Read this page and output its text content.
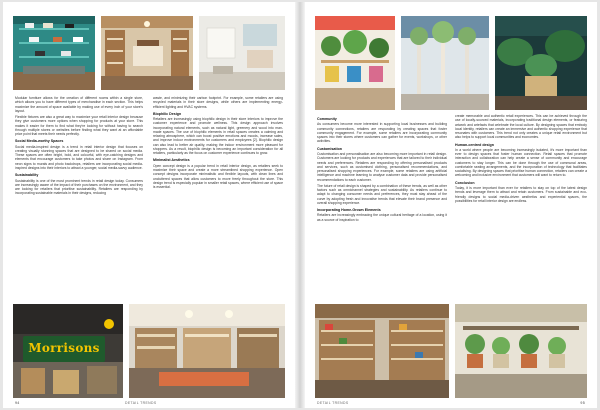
Modular furniture allows for the creation of different rooms within a single store, which allows you to have different types of merchandise in each section. This helps maximize the amount of space available by making use of every inch of your store's layout.

Flexible fixtures are also a great way to maximize your retail interior design because they give customers more options when shopping for products at your store. This makes it easier for them to find what they're looking for without having to search through multiple stores or websites before finding what they want at an affordable price point that meets their needs perfectly.

Social Media-worthy Spaces

Social media-inspired design is a trend in retail interior design that focuses on creating visually stunning spaces that are designed to be shared on social media. These spaces are often bright, bold, and colourful, with eye-catching designs and elements that encourage customers to take photos and share on Instagram. From neon signs to murals and photo backdrops, retailers are incorporating social media-inspired designs into their interiors to attract a younger, social media-savvy audience.

Sustainability

Sustainability is one of the most prominent trends in retail design today. Consumers are increasingly aware of the impact of their purchases on the environment, and they are looking for retailers that prioritise sustainability. Retailers are responding by incorporating sustainable materials in their designs, reducing

waste, and minimizing their carbon footprint. For example, some retailers are using recycled materials in their store designs, while others are implementing energy-efficient lighting and HVAC systems.

Biophilic Design

Retailers are increasingly using biophilic design in their store interiors to improve the customer experience and promote wellness. This design approach involves incorporating natural elements, such as natural light, greenery and wood into man-made spaces. The use of biophilic elements in retail spaces creates a calming and relaxing atmosphere, which can boost positive emotions and moods, increase sales, and improve indoor environments for customers and employees [2]. Biophilic design can also lead to better air quality, making the indoor environment more pleasant for shoppers. As a result, biophilic design is becoming an important consideration for all retailers, particularly as the focus on customer experience continues to grow.

Minimalist Aesthetics

Open concept design is a popular trend in retail interior design, as retailers seek to maximize their space and create a more streamlined shopping experience. Open concept designs incorporate minimalistic and flexible layouts, with clean lines and uncluttered spaces that allow customers to move freely throughout the store. This design trend is especially popular in smaller retail spaces, where efficient use of space is essential.

Morrisons
94	DETAIL TRENDS
Community

As consumers become more interested in supporting local businesses and building community connections, retailers are responding by creating spaces that foster community engagement. For example, some retailers are incorporating community spaces into their stores where customers can gather for events, workshops, or other activities.

Customisation

Customisation and personalisation are also becoming more important in retail design. Customers are looking for products and experiences that are tailored to their individual needs and preferences. Retailers are responding by offering personalised products and services, such as customised clothing, personalised recommendations, and personalised shopping experiences. For example, some retailers are using artificial intelligence and machine learning to analyse customer data and provide personalised recommendations to each customer.

The future of retail design is shaped by a combination of these trends, as well as other factors such as omnichannel strategies and sustainability. As retailers continue to adapt to changing consumer needs and preferences, they must stay ahead of the curve by adopting fresh and innovative trends that elevate their brand presence and overall shopping experience.

Incorporating Home-Grown Elements

Retailers are increasingly embracing the unique cultural heritage of a location, using it as a source of inspiration to

create memorable and authentic retail experiences. This can be achieved through the use of locally-sourced materials, incorporating traditional design elements, or featuring artwork and artefacts that celebrate the local culture. By designing spaces that embody local identity, retailers can create an immersive and authentic shopping experience that resonates with customers. This trend not only creates a unique retail environment but also helps to support local communities and economies.

Human-centred design

In a world where people are becoming increasingly isolated, it's more important than ever to design spaces that foster human connection. Retail spaces that promote interaction and collaboration can help create a sense of community and encourage customers to stay longer. This can be done through the use of communal areas, comfortable seating arrangements, and the incorporation of technology that facilitates socialising. By designing spaces that prioritise human connection, retailers can create a welcoming and inclusive environment that customers will want to return to.

Conclusion

Today, it is more important than ever for retailers to stay on top of the latest design trends and leverage them to attract and retain customers. From sustainable and eco-friendly designs to social media-driven aesthetics and experiential spaces, the possibilities for retail interior design are endless.

DETAIL TRENDS	95
